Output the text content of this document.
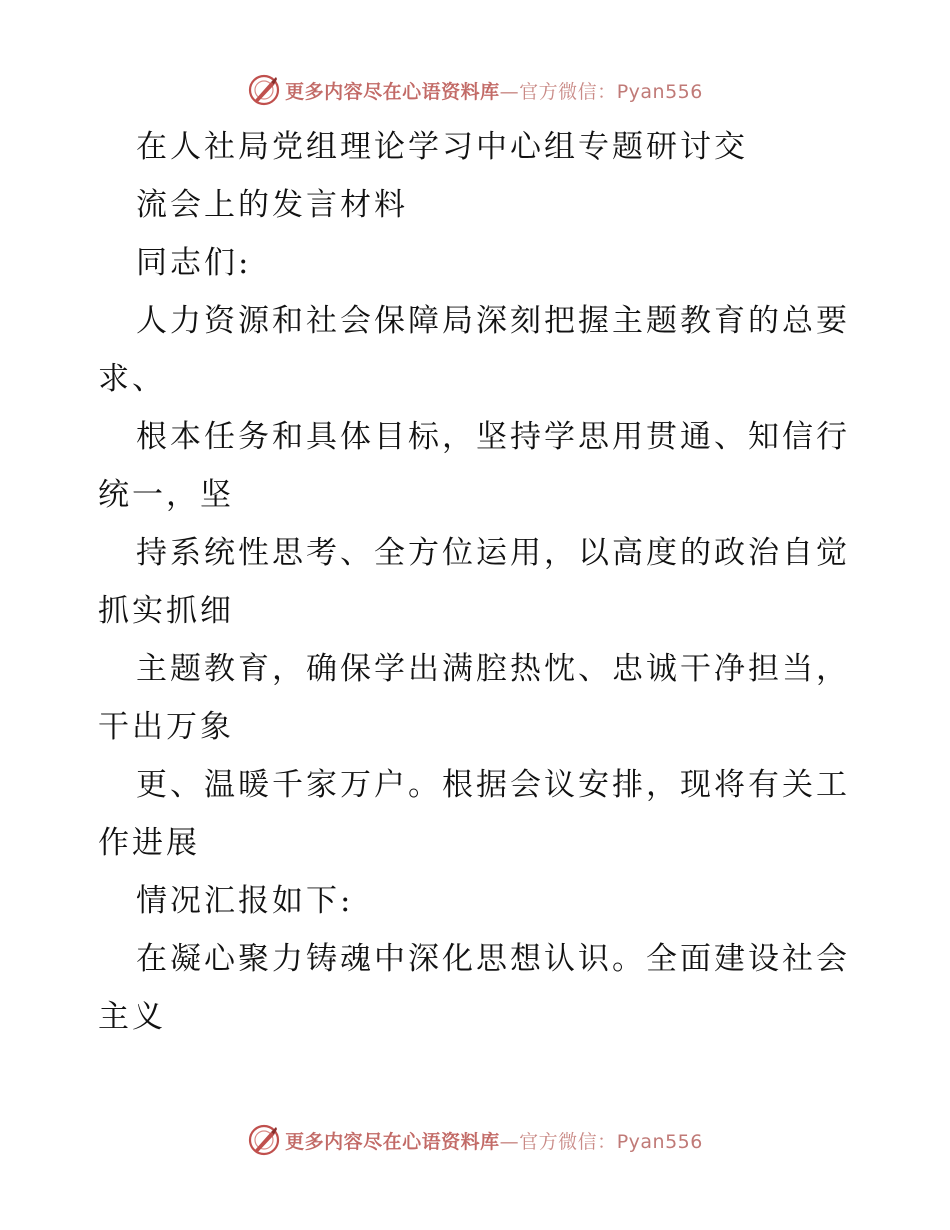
更多内容尽在心语资料库—官方微信：Pyan556
在人社局党组理论学习中心组专题研讨交
流会上的发言材料
同志们:
人力资源和社会保障局深刻把握主题教育的总要
求、
根本任务和具体目标，坚持学思用贯通、知信行
统一，坚
持系统性思考、全方位运用，以高度的政治自觉
抓实抓细
主题教育，确保学出满腔热忱、忠诚干净担当，
干出万象
更、温暖千家万户。根据会议安排，现将有关工
作进展
情况汇报如下:
在凝心聚力铸魂中深化思想认识。全面建设社会
主义
更多内容尽在心语资料库—官方微信：Pyan556
